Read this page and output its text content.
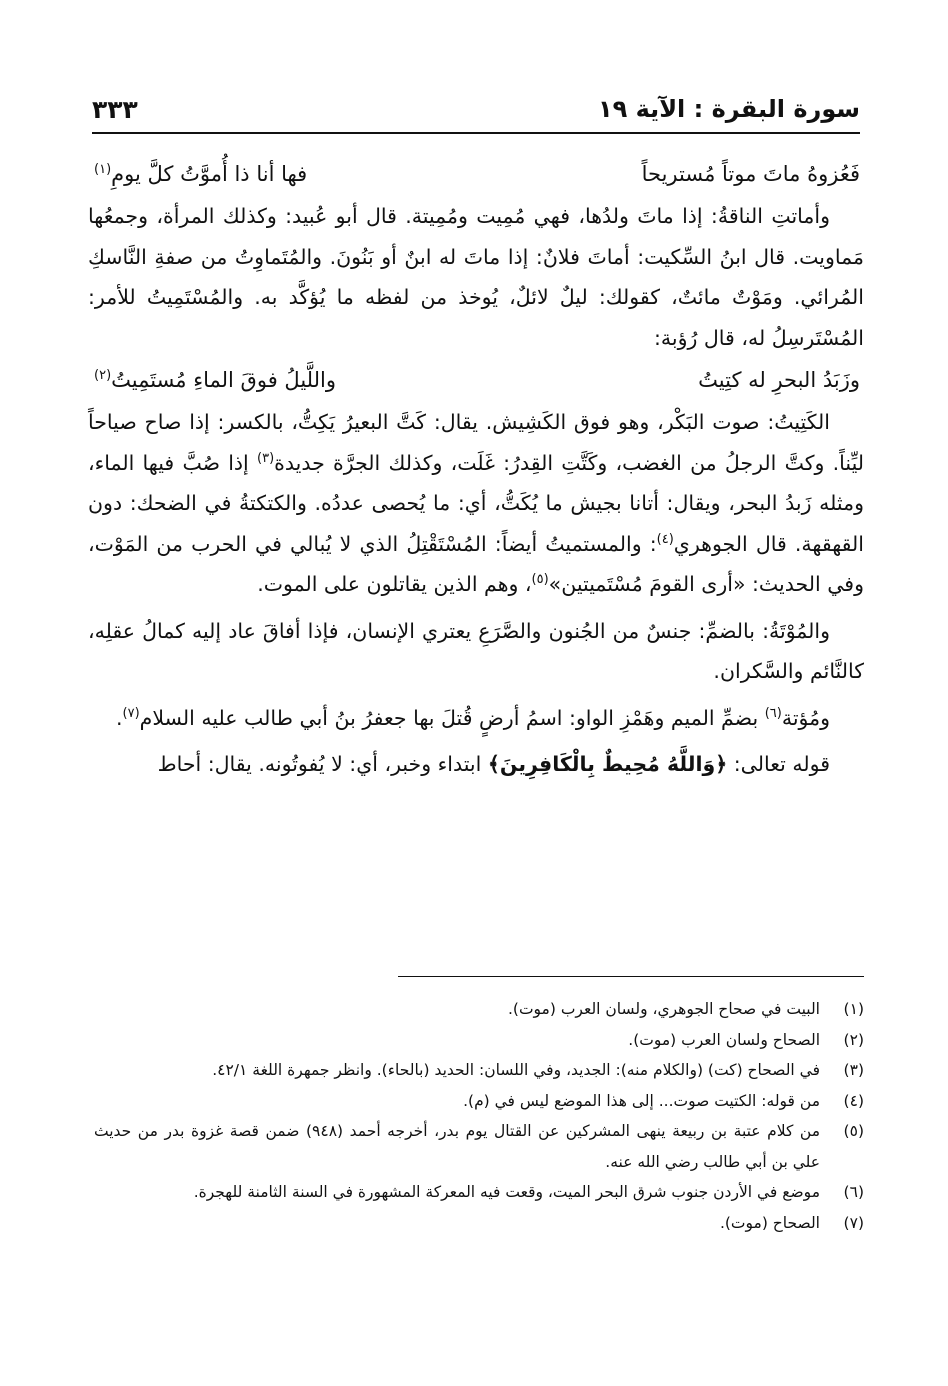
سورة البقرة : الآية ١٩
٣٣٣
فَعُزوهُ ماتَ موتاً مُستريحاً
فها أنا ذا أُموَّتُ كلَّ يومِ$^{(١)}$

وأماتتِ الناقةُ: إذا ماتَ ولدُها، فهي مُمِيت ومُمِيتة. قال أبو عُبيد: وكذلك المرأة، وجمعُها مَماويت. قال ابنُ السِّكيت: أماتَ فلانٌ: إذا ماتَ له ابنٌ أو بَنُونَ. والمُتَماوِتُ من صفةِ النَّاسكِ المُرائي. ومَوْتٌ مائتٌ، كقولك: ليلٌ لائلٌ، يُوخذ من لفظه ما يُؤكَّد به. والمُسْتَمِيتُ للأمر: المُسْتَرسِلُ له، قال رُؤبة:

وزَبَدُ البحرِ له كتِيتُ
واللَّيلُ فوقَ الماءِ مُستَمِيتُ$^{(٢)}$

الكَتِيتُ: صوت البَكْر، وهو فوق الكَشِيش. يقال: كَتَّ البعيرُ يَكِتُّ، بالكسر: إذا صاح صياحاً ليِّناً. وكتَّ الرجلُ من الغضب، وكَتَّتِ القِدرُ: غَلَت، وكذلك الجرَّة جديدة$^{(٣)}$ إذا صُبَّ فيها الماء، ومثله زَبدُ البحر، ويقال: أتانا بجيش ما يُكَتُّ، أي: ما يُحصى عددُه. والكتكتةُ في الضحك: دون القهقهة. قال الجوهري$^{(٤)}$: والمستميتُ أيضاً: المُسْتَقْتِلُ الذي لا يُبالي في الحرب من المَوْت، وفي الحديث: «أرى القومَ مُسْتَميتين»$^{(٥)}$، وهم الذين يقاتلون على الموت.

والمُوْتَةُ: بالضمِّ: جنسٌ من الجُنون والصَّرَعِ يعتري الإنسان، فإذا أفاقَ عاد إليه كمالُ عقلِه، كالنَّائم والسَّكران.

ومُؤتة$^{(٦)}$ بضمِّ الميم وهَمْزِ الواو: اسمُ أرضٍ قُتلَ بها جعفرُ بنُ أبي طالب عليه السلام$^{(٧)}$.

قوله تعالى: ﴿وَاللَّهُ مُحِيطٌ بِالْكَافِرِينَ﴾ ابتداء وخبر، أي: لا يُفوتُونه. يقال: أحاط

(١)
البيت في صحاح الجوهري، ولسان العرب (موت).
(٢)
الصحاح ولسان العرب (موت).
(٣)
في الصحاح (كت) (والكلام منه): الجديد، وفي اللسان: الحديد (بالحاء). وانظر جمهرة اللغة ٤٢/١.
(٤)
من قوله: الكتيت صوت... إلى هذا الموضع ليس في (م).
(٥)
من كلام عتبة بن ربيعة ينهى المشركين عن القتال يوم بدر، أخرجه أحمد (٩٤٨) ضمن قصة غزوة بدر من حديث علي بن أبي طالب رضي الله عنه.
(٦)
موضع في الأردن جنوب شرق البحر الميت، وقعت فيه المعركة المشهورة في السنة الثامنة للهجرة.
(٧)
الصحاح (موت).
